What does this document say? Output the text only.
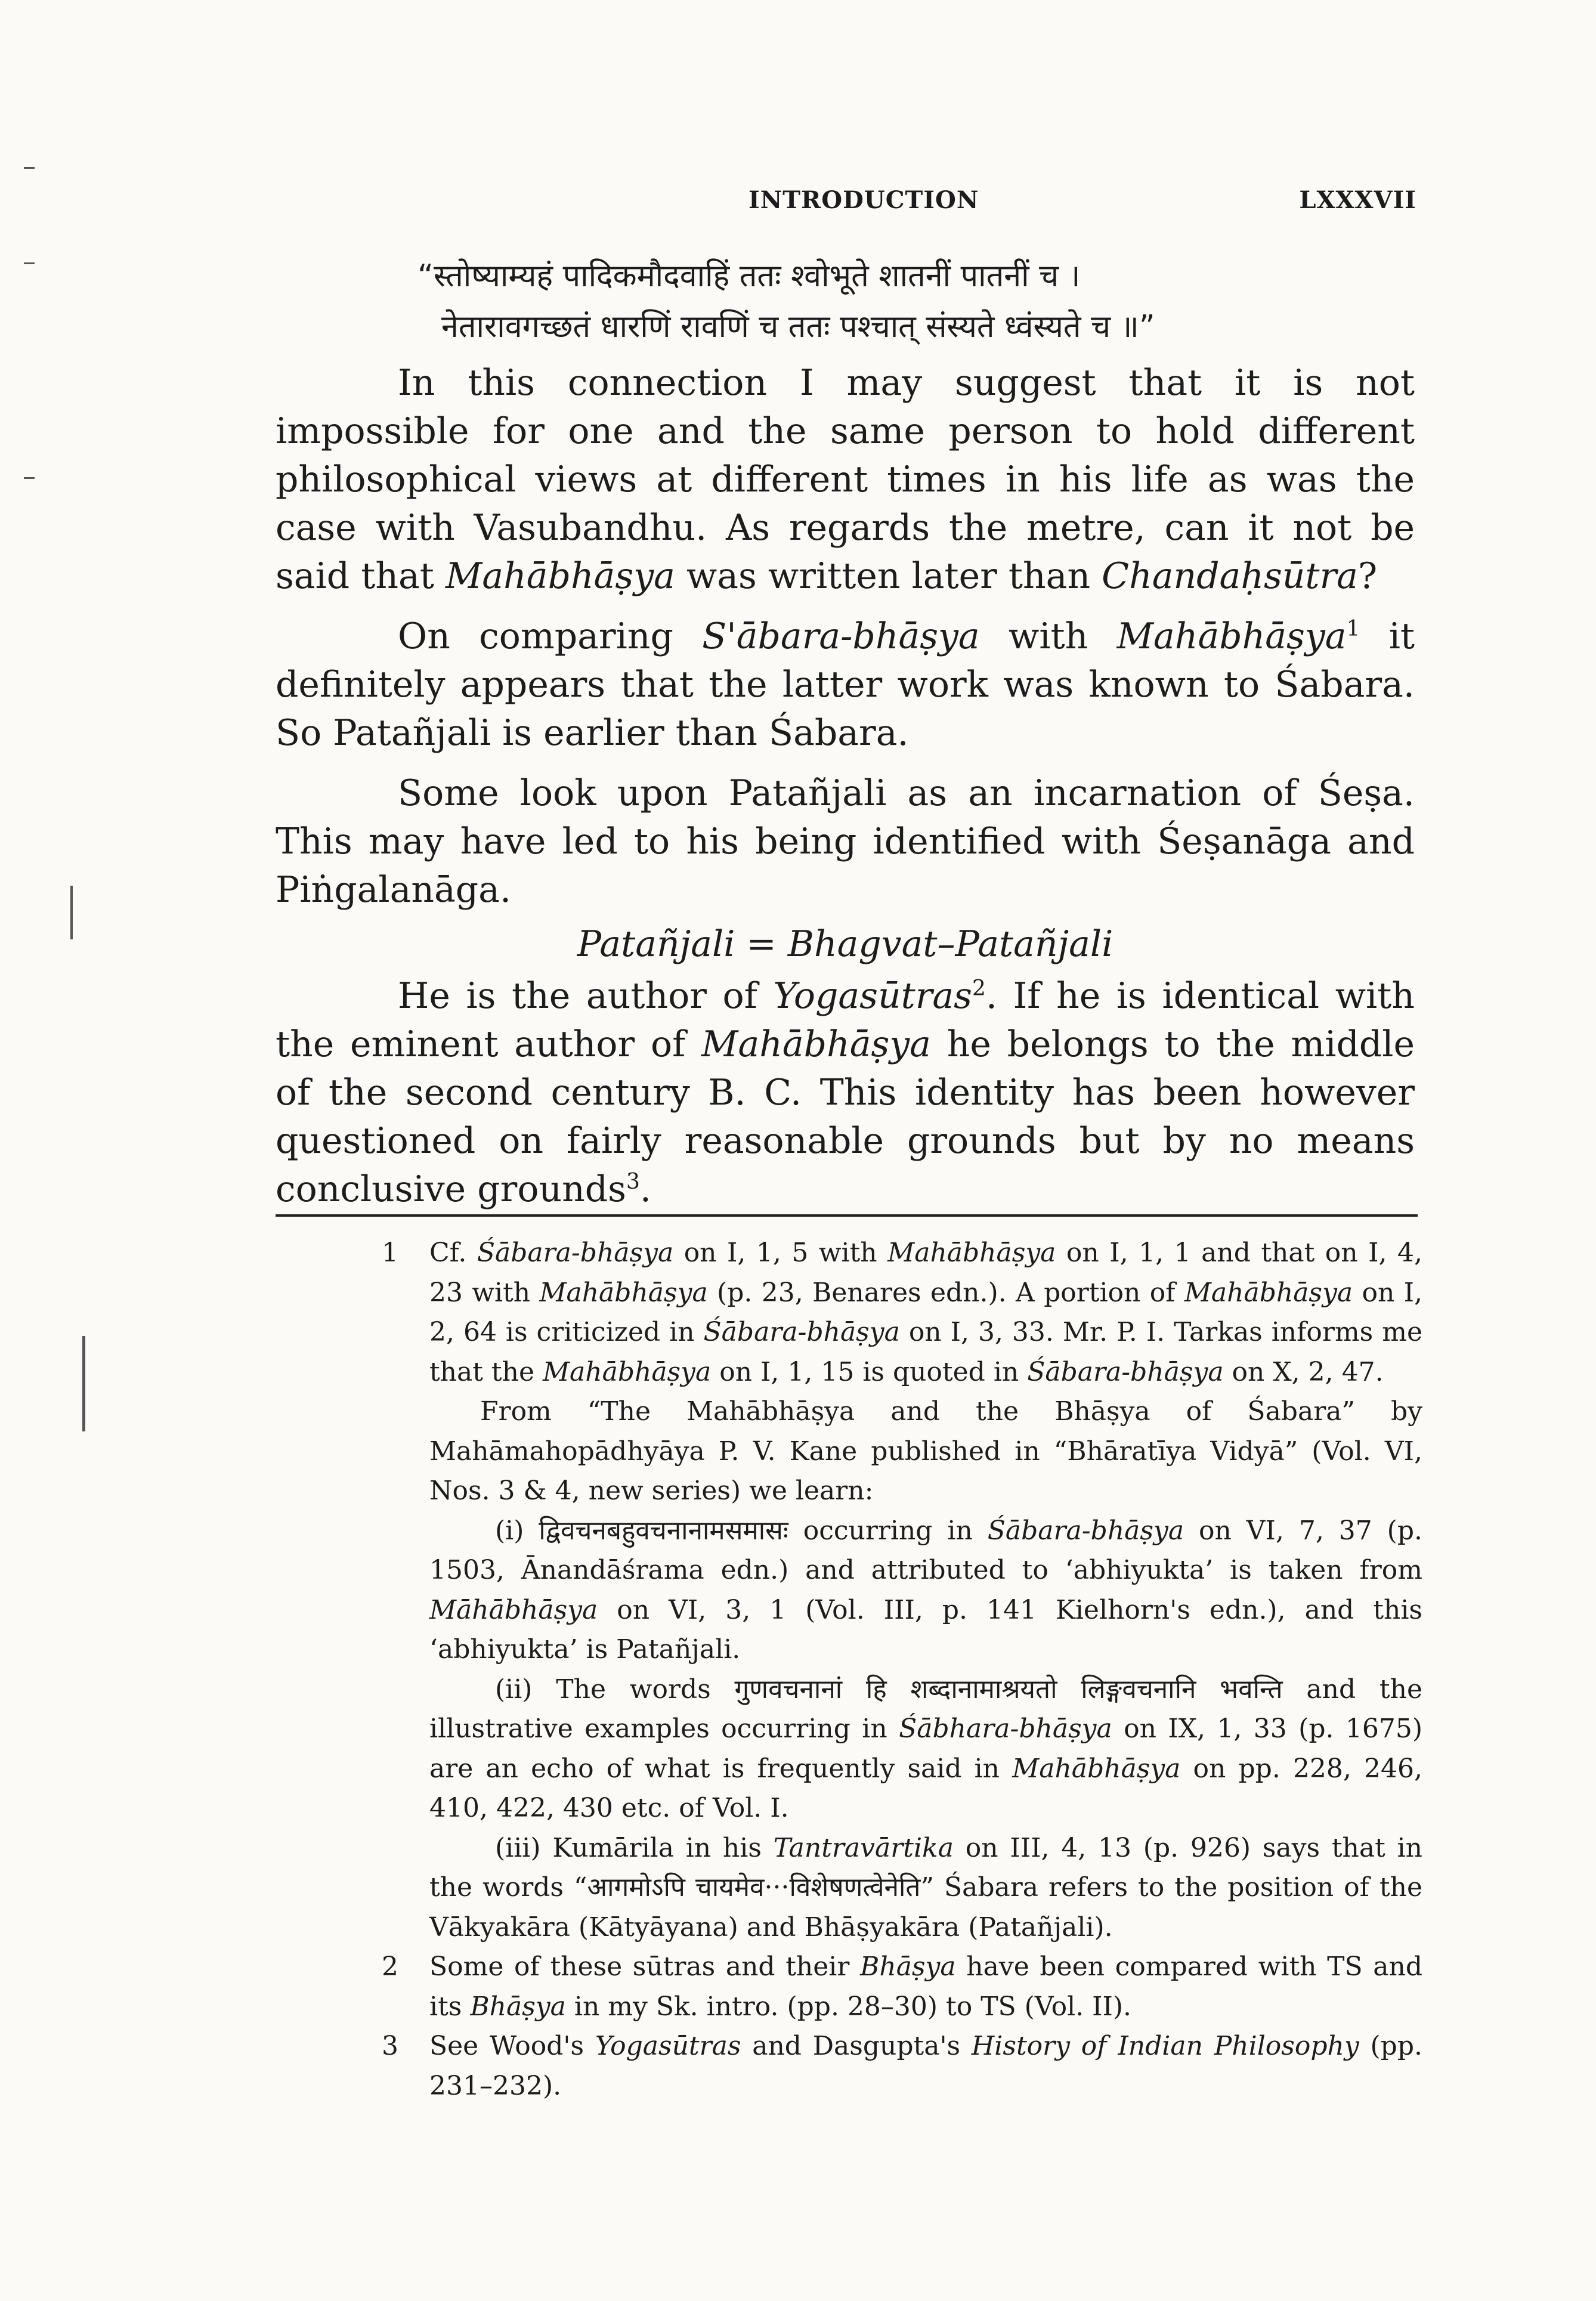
INTRODUCTION	LXXXVII
“स्तोष्याम्यहं पादिकमौदवाहिं ततः श्वोभूते शातनीं पातनीं च ।
नेतारावगच्छतं धारणिं रावणिं च ततः पश्चात् संस्यते ध्वंस्यते च ॥”

In this connection I may suggest that it is not impossible for one and the same person to hold different philosophical views at different times in his life as was the case with Vasubandhu. As regards the metre, can it not be said that Mahābhāṣya was written later than Chandaḥsūtra?

On comparing S'ābara-bhāṣya with Mahābhāṣya$^1$ it definitely appears that the latter work was known to Śabara. So Patañjali is earlier than Śabara.

Some look upon Patañjali as an incarnation of Śeṣa. This may have led to his being identified with Śeṣanāga and Piṅgalanāga.

Patañjali = Bhagvat–Patañjali

He is the author of Yogasūtras$^2$. If he is identical with the eminent author of Mahābhāṣya he belongs to the middle of the second century B. C. This identity has been however questioned on fairly reasonable grounds but by no means conclusive grounds$^3$.

1 Cf. Śābara-bhāṣya on I, 1, 5 with Mahābhāṣya on I, 1, 1 and that on I, 4, 23 with Mahābhāṣya (p. 23, Benares edn.). A portion of Mahābhāṣya on I, 2, 64 is criticized in Śābara-bhāṣya on I, 3, 33. Mr. P. I. Tarkas informs me that the Mahābhāṣya on I, 1, 15 is quoted in Śābara-bhāṣya on X, 2, 47.

From “The Mahābhāṣya and the Bhāṣya of Śabara” by Mahāmahopādhyāya P. V. Kane published in “Bhāratīya Vidyā” (Vol. VI, Nos. 3 & 4, new series) we learn:

(i) द्विवचनबहुवचनानामसमासः occurring in Śābara-bhāṣya on VI, 7, 37 (p. 1503, Ānandāśrama edn.) and attributed to ‘abhiyukta’ is taken from Māhābhāṣya on VI, 3, 1 (Vol. III, p. 141 Kielhorn's edn.), and this ‘abhiyukta’ is Patañjali.

(ii) The words गुणवचनानां हि शब्दानामाश्रयतो लिङ्गवचनानि भवन्ति and the illustrative examples occurring in Śābhara-bhāṣya on IX, 1, 33 (p. 1675) are an echo of what is frequently said in Mahābhāṣya on pp. 228, 246, 410, 422, 430 etc. of Vol. I.

(iii) Kumārila in his Tantravārtika on III, 4, 13 (p. 926) says that in the words “आगमोऽपि चायमेव···विशेषणत्वेनेति” Śabara refers to the position of the Vākyakāra (Kātyāyana) and Bhāṣyakāra (Patañjali).

2 Some of these sūtras and their Bhāṣya have been compared with TS and its Bhāṣya in my Sk. intro. (pp. 28–30) to TS (Vol. II).

3 See Wood's Yogasūtras and Dasgupta's History of Indian Philosophy (pp. 231–232).
